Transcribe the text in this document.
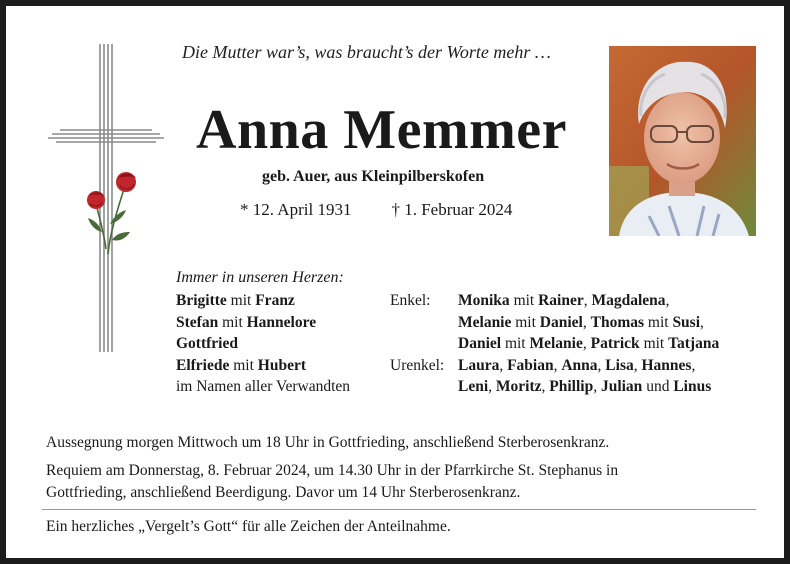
Die Mutter war’s, was braucht’s der Worte mehr …
Anna Memmer
geb. Auer, aus Kleinpilberskofen
* 12. April 1931 † 1. Februar 2024
Immer in unseren Herzen:
Brigitte mit Franz
Stefan mit Hannelore
Gottfried
Elfriede mit Hubert
im Namen aller Verwandten
Enkel:

Urenkel:

Monika mit Rainer, Magdalena,
Melanie mit Daniel, Thomas mit Susi,
Daniel mit Melanie, Patrick mit Tatjana
Laura, Fabian, Anna, Lisa, Hannes,
Leni, Moritz, Phillip, Julian und Linus
Aussegnung morgen Mittwoch um 18 Uhr in Gottfrieding, anschließend Sterberosenkranz.
Requiem am Donnerstag, 8. Februar 2024, um 14.30 Uhr in der Pfarrkirche St. Stephanus in
Gottfrieding, anschließend Beerdigung. Davor um 14 Uhr Sterberosenkranz.
Ein herzliches „Vergelt’s Gott“ für alle Zeichen der Anteilnahme.
